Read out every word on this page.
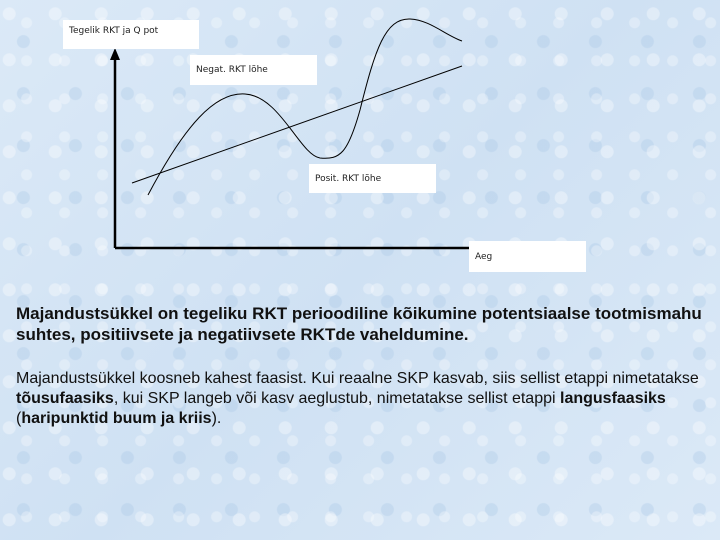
Tegelik RKT ja Q pot
Negat. RKT lõhe
Posit. RKT lõhe
Aeg
Majandustsükkel on tegeliku RKT perioodiline kõikumine potentsiaalse tootmismahu suhtes, positiivsete ja negatiivsete RKTde vaheldumine.
Majandustsükkel koosneb kahest faasist. Kui reaalne SKP kasvab, siis sellist etappi nimetatakse tõusufaasiks, kui SKP langeb või kasv aeglustub, nimetatakse sellist etappi langusfaasiks (haripunktid buum ja kriis).
